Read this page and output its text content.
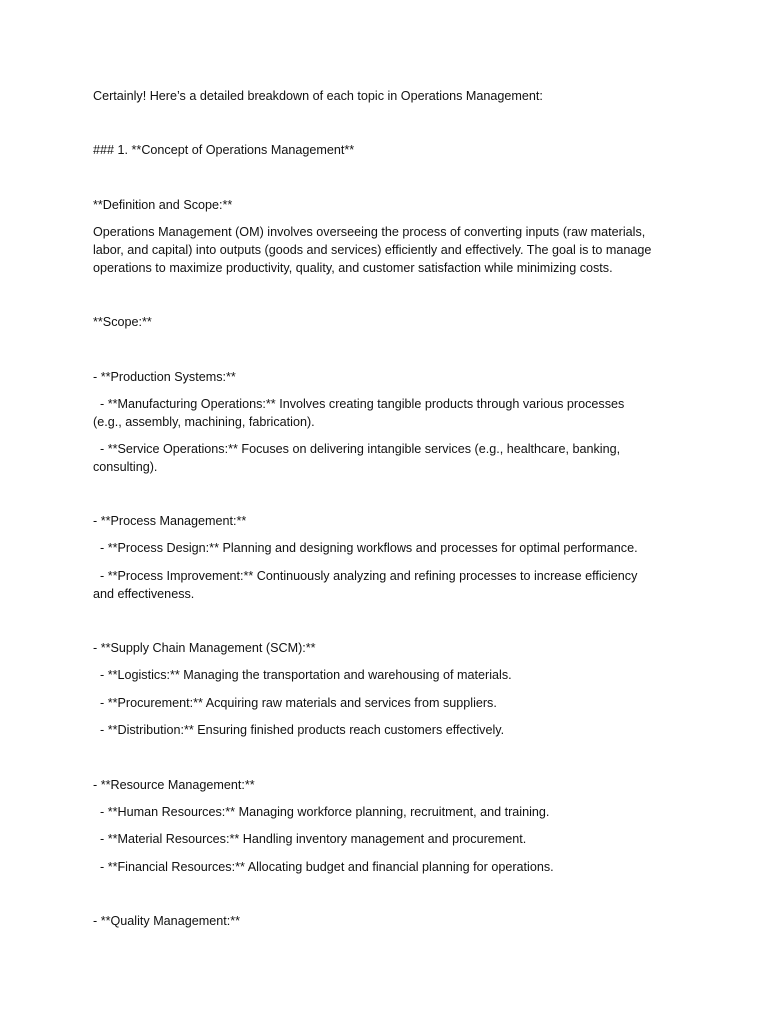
Certainly! Here’s a detailed breakdown of each topic in Operations Management:
### 1. **Concept of Operations Management**
**Definition and Scope:**
Operations Management (OM) involves overseeing the process of converting inputs (raw materials,
labor, and capital) into outputs (goods and services) efficiently and effectively. The goal is to manage
operations to maximize productivity, quality, and customer satisfaction while minimizing costs.
**Scope:**
- **Production Systems:**
- **Manufacturing Operations:** Involves creating tangible products through various processes
(e.g., assembly, machining, fabrication).
- **Service Operations:** Focuses on delivering intangible services (e.g., healthcare, banking,
consulting).
- **Process Management:**
- **Process Design:** Planning and designing workflows and processes for optimal performance.
- **Process Improvement:** Continuously analyzing and refining processes to increase efficiency
and effectiveness.
- **Supply Chain Management (SCM):**
- **Logistics:** Managing the transportation and warehousing of materials.
- **Procurement:** Acquiring raw materials and services from suppliers.
- **Distribution:** Ensuring finished products reach customers effectively.
- **Resource Management:**
- **Human Resources:** Managing workforce planning, recruitment, and training.
- **Material Resources:** Handling inventory management and procurement.
- **Financial Resources:** Allocating budget and financial planning for operations.
- **Quality Management:**
